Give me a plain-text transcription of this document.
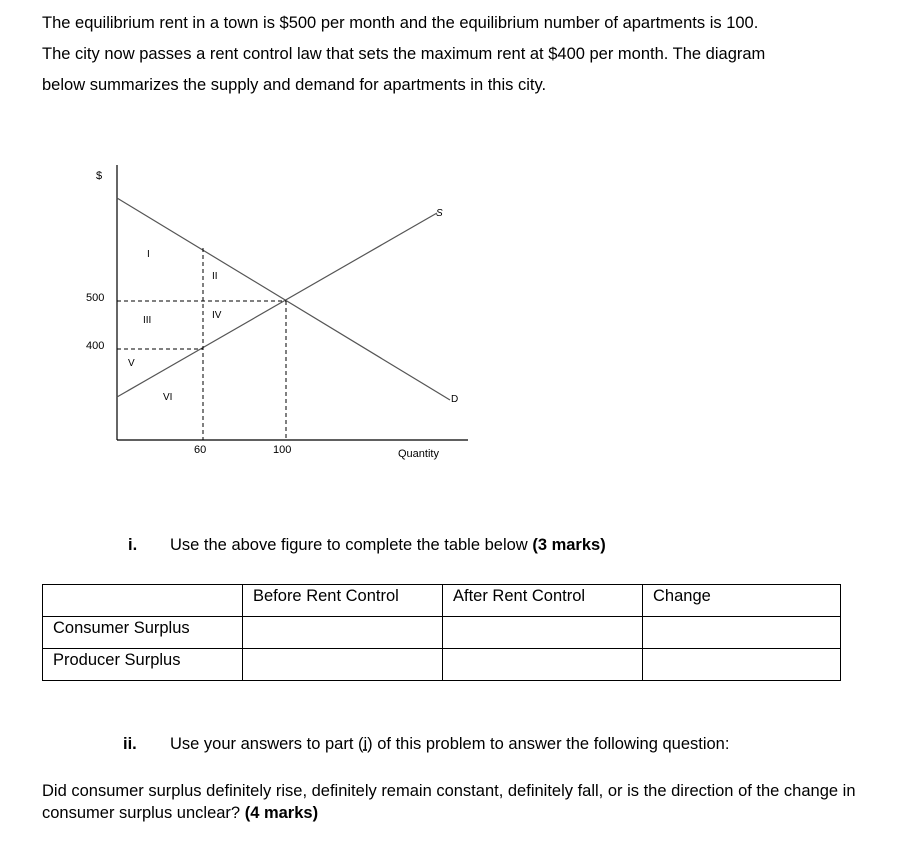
The equilibrium rent in a town is $500 per month and the equilibrium number of apartments is 100.

The city now passes a rent control law that sets the maximum rent at $400 per month. The diagram

below summarizes the supply and demand for apartments in this city.

$
500
400
60	100	Quantity
S
D
I
II
III	IV
V
VI
i. Use the above figure to complete the table below (3 marks)
	Before Rent Control	After Rent Control	Change
Consumer Surplus			
Producer Surplus			
ii. Use your answers to part (i) of this problem to answer the following question:
Did consumer surplus definitely rise, definitely remain constant, definitely fall, or is the direction of the change in consumer surplus unclear? (4 marks)
